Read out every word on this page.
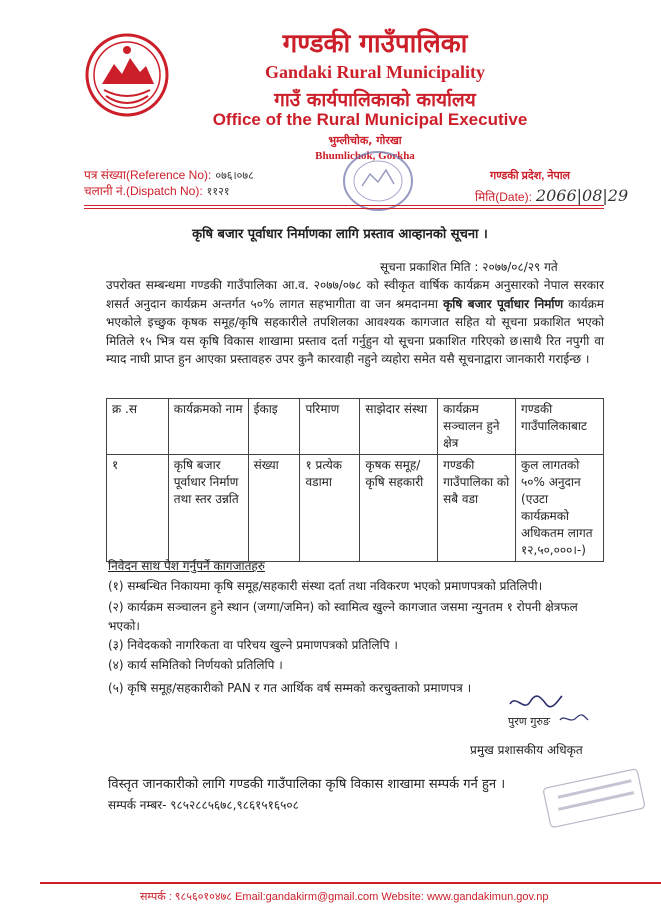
गण्डकी गाउँपालिका
Gandaki Rural Municipality
गाउँ कार्यपालिकाको कार्यालय
Office of the Rural Municipal Executive
भुम्लीचोक, गोरखा
Bhumlichok, Gorkha
पत्र संख्या(Reference No): ०७६।०७८
चलानी नं.(Dispatch No): ११२१
गण्डकी प्रदेश, नेपाल
मिति(Date): 2066|08|29
कृषि बजार पूर्वाधार निर्माणका लागि प्रस्ताव आव्हानको सूचना ।
सूचना प्रकाशित मिति : २०७७/०८/२९ गते
उपरोक्त सम्बन्धमा गण्डकी गाउँपालिका आ.व. २०७७/०७८ को स्वीकृत वार्षिक कार्यक्रम अनुसारको नेपाल सरकार शसर्त अनुदान कार्यक्रम अन्तर्गत ५०% लागत सहभागीता वा जन श्रमदानमा कृषि बजार पूर्वाधार निर्माण कार्यक्रम भएकोले इच्छुक कृषक समूह/कृषि सहकारीले तपशिलका आवश्यक कागजात सहित यो सूचना प्रकाशित भएको मितिले १५ भित्र यस कृषि विकास शाखामा प्रस्ताव दर्ता गर्नुहुन यो सूचना प्रकाशित गरिएको छ।साथै रित नपुगी वा म्याद नाघी प्राप्त हुन आएका प्रस्तावहरु उपर कुनै कारवाही नहुने व्यहोरा समेत यसै सूचनाद्वारा जानकारी गराईन्छ ।
क्र .स	कार्यक्रमको नाम	ईकाइ	परिमाण	साझेदार संस्था	कार्यक्रम सञ्चालन हुने क्षेत्र	गण्डकी गाउँपालिकाबाट
१	कृषि बजार पूर्वाधार निर्माण तथा स्तर उन्नति	संख्या	१ प्रत्येक वडामा	कृषक समूह/कृषि सहकारी	गण्डकी गाउँपालिका को सबै वडा	कुल लागतको ५०% अनुदान (एउटा कार्यक्रमको अधिकतम लागत १२,५०,०००।-)
निवेदन साथ पेश गर्नुपर्ने कागजातहरु
(१) सम्बन्धित निकायमा कृषि समूह/सहकारी संस्था दर्ता तथा नविकरण भएको प्रमाणपत्रको प्रतिलिपी।
(२) कार्यक्रम सञ्चालन हुने स्थान (जग्गा/जमिन) को स्वामित्व खुल्ने कागजात जसमा न्युनतम १ रोपनी क्षेत्रफल भएको।
(३) निवेदकको नागरिकता वा परिचय खुल्ने प्रमाणपत्रको प्रतिलिपि ।
(४) कार्य समितिको निर्णयको प्रतिलिपि ।
(५) कृषि समूह/सहकारीको PAN र गत आर्थिक वर्ष सम्मको करचुक्ताको प्रमाणपत्र ।
पुरण गुरुङ
प्रमुख प्रशासकीय अधिकृत
विस्तृत जानकारीको लागि गण्डकी गाउँपालिका कृषि विकास शाखामा सम्पर्क गर्न हुन ।
सम्पर्क नम्बर- ९८५२८८५६७८,९८६१५१६५०८
सम्पर्क : ९८५६०१०४७८ Email:gandakirm@gmail.com Website: www.gandakimun.gov.np
